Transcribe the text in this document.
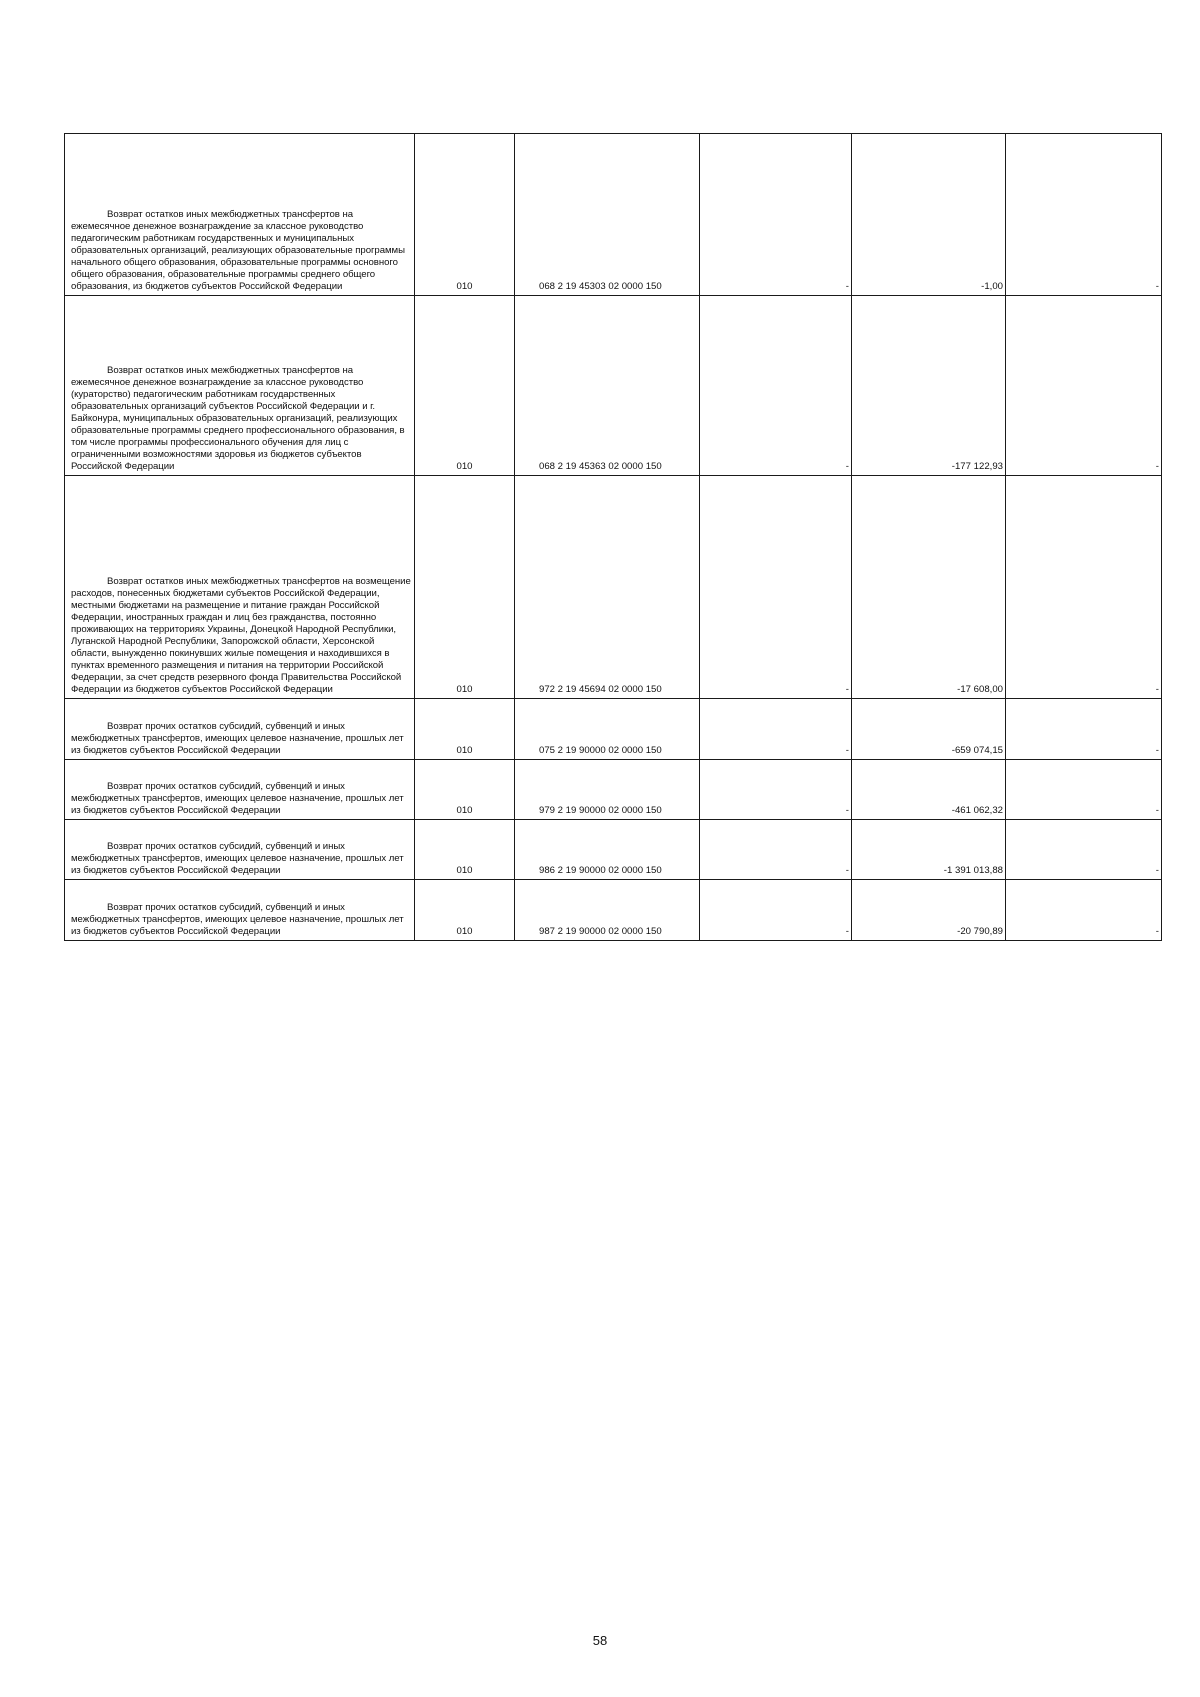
Возврат остатков иных межбюджетных трансфертов на ежемесячное денежное вознаграждение за классное руководство педагогическим работникам государственных и муниципальных образовательных организаций, реализующих образовательные программы начального общего образования, образовательные программы основного общего образования, образовательные программы среднего общего образования, из бюджетов субъектов Российской Федерации	010	068 2 19 45303 02 0000 150	-	-1,00	-

Возврат остатков иных межбюджетных трансфертов на ежемесячное денежное вознаграждение за классное руководство (кураторство) педагогическим работникам государственных образовательных организаций субъектов Российской Федерации и г. Байконура, муниципальных образовательных организаций, реализующих образовательные программы среднего профессионального образования, в том числе программы профессионального обучения для лиц с ограниченными возможностями здоровья из бюджетов субъектов Российской Федерации	010	068 2 19 45363 02 0000 150	-	-177 122,93	-

Возврат остатков иных межбюджетных трансфертов на возмещение расходов, понесенных бюджетами субъектов Российской Федерации, местными бюджетами на размещение и питание граждан Российской Федерации, иностранных граждан и лиц без гражданства, постоянно проживающих на территориях Украины, Донецкой Народной Республики, Луганской Народной Республики, Запорожской области, Херсонской области, вынужденно покинувших жилые помещения и находившихся в пунктах временного размещения и питания на территории Российской Федерации, за счет средств резервного фонда Правительства Российской Федерации из бюджетов субъектов Российской Федерации	010	972 2 19 45694 02 0000 150	-	-17 608,00	-

Возврат прочих остатков субсидий, субвенций и иных межбюджетных трансфертов, имеющих целевое назначение, прошлых лет из бюджетов субъектов Российской Федерации	010	075 2 19 90000 02 0000 150	-	-659 074,15	-

Возврат прочих остатков субсидий, субвенций и иных межбюджетных трансфертов, имеющих целевое назначение, прошлых лет из бюджетов субъектов Российской Федерации	010	979 2 19 90000 02 0000 150	-	-461 062,32	-

Возврат прочих остатков субсидий, субвенций и иных межбюджетных трансфертов, имеющих целевое назначение, прошлых лет из бюджетов субъектов Российской Федерации	010	986 2 19 90000 02 0000 150	-	-1 391 013,88	-

Возврат прочих остатков субсидий, субвенций и иных межбюджетных трансфертов, имеющих целевое назначение, прошлых лет из бюджетов субъектов Российской Федерации	010	987 2 19 90000 02 0000 150	-	-20 790,89	-
58
